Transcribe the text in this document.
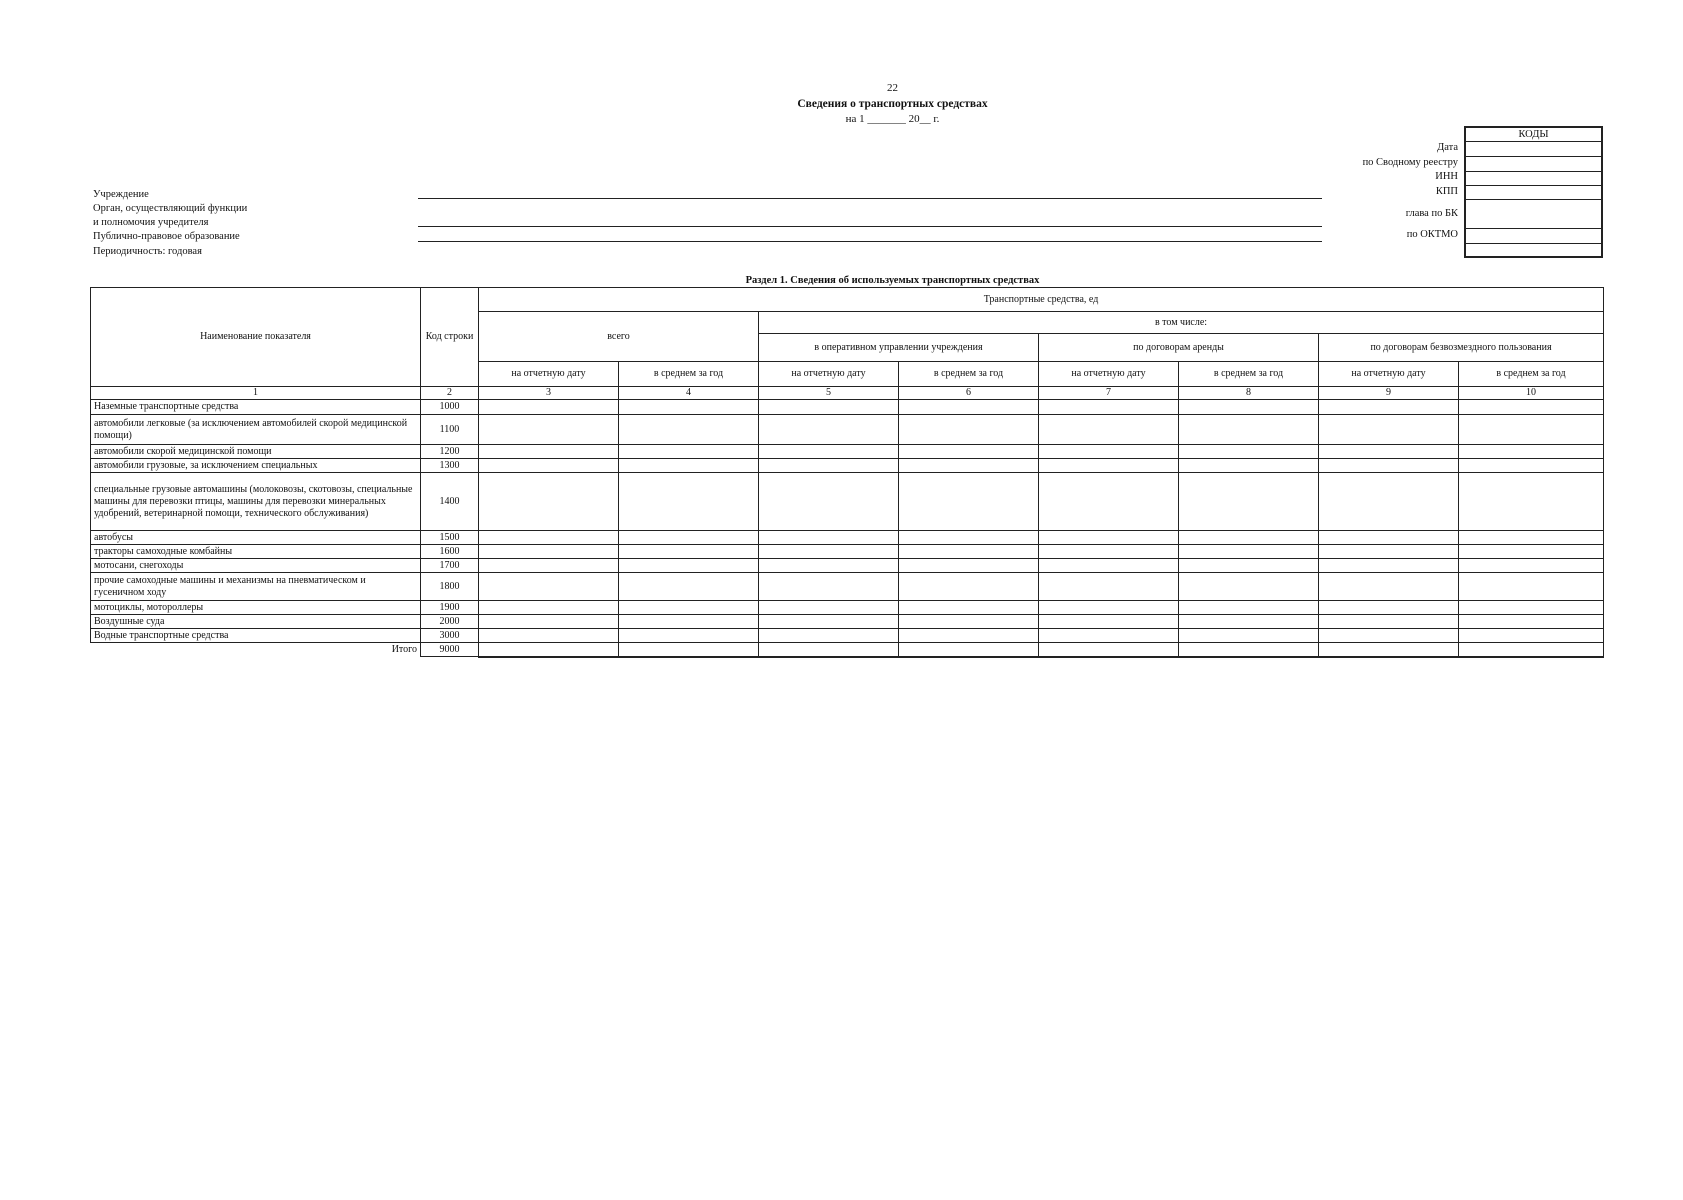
22
Сведения о транспортных средствах
на 1 _______ 20__ г.
Учреждение
Орган, осуществляющий функции
и полномочия учредителя
Публично-правовое образование
Периодичность: годовая
Дата
по Сводному реестру
ИНН
КПП
глава по БК
по ОКТМО
КОДЫ
Раздел 1. Сведения об используемых транспортных средствах
Наименование показателя	Код строки	Транспортные средства, ед							
		всего		в том числе:					
				в оперативном управлении учреждения		по договорам аренды		по договорам безвозмездного пользования	
		на отчетную дату	в среднем за год	на отчетную дату	в среднем за год	на отчетную дату	в среднем за год	на отчетную дату	в среднем за год
1	2	3	4	5	6	7	8	9	10
Наземные транспортные средства	1000								
автомобили легковые (за исключением автомобилей скорой медицинской помощи)	1100								
автомобили скорой медицинской помощи	1200								
автомобили грузовые, за исключением специальных	1300								
специальные грузовые автомашины (молоковозы, скотовозы, специальные машины для перевозки птицы, машины для перевозки минеральных удобрений, ветеринарной помощи, технического обслуживания)	1400								
автобусы	1500								
тракторы самоходные комбайны	1600								
мотосани, снегоходы	1700								
прочие самоходные машины и механизмы на пневматическом и гусеничном ходу	1800								
мотоциклы, мотороллеры	1900								
Воздушные суда	2000								
Водные транспортные средства	3000								
Итого	9000								
